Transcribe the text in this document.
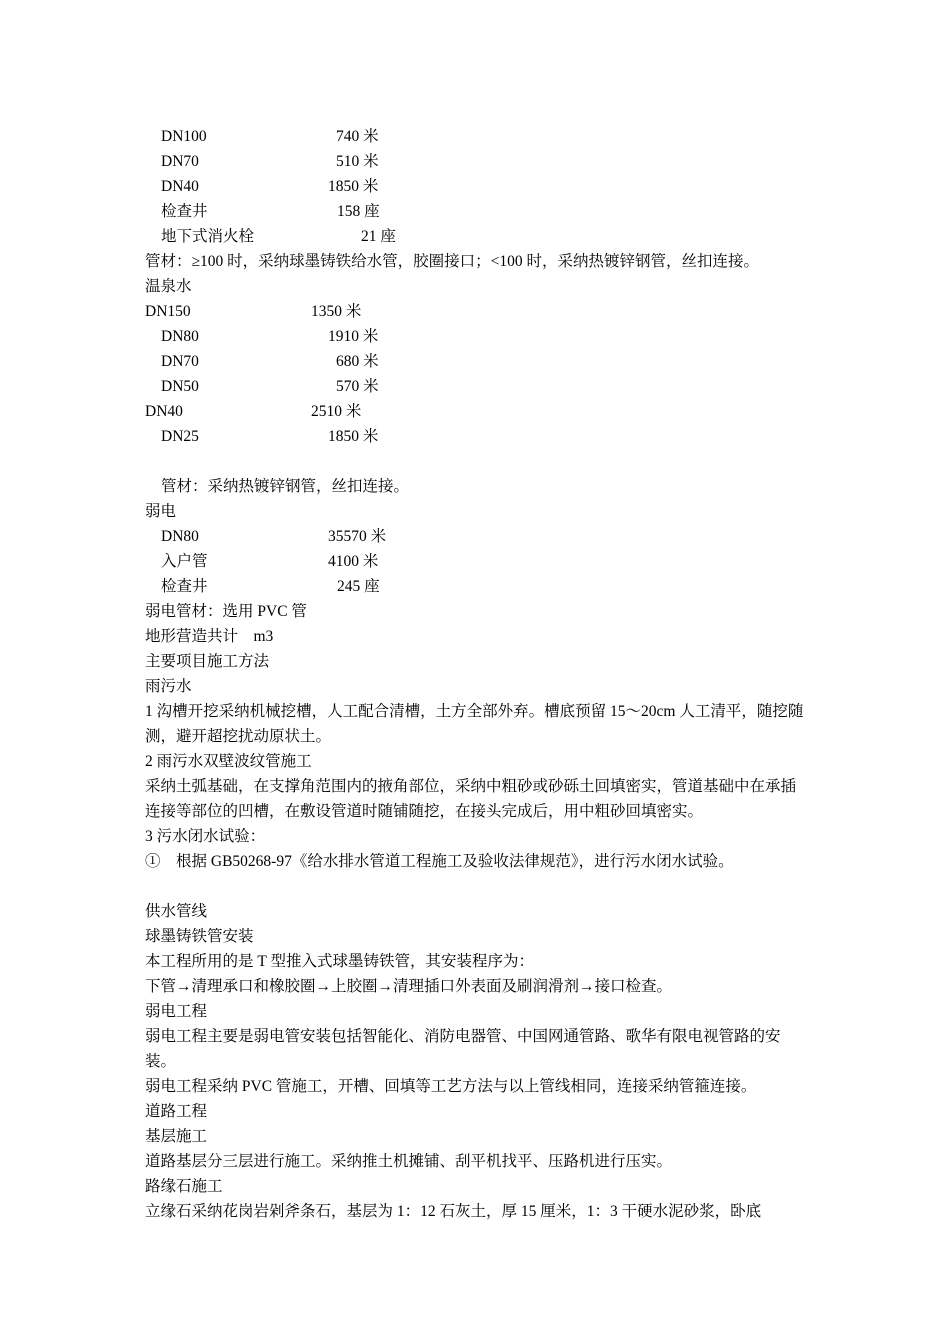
DN100	740 米
DN70	510 米
DN40	1850 米
检查井	158 座
地下式消火栓	21 座
管材：≥100 时，采纳球墨铸铁给水管，胶圈接口；<100 时，采纳热镀锌钢管，丝扣连接。
温泉水
DN150	1350 米
DN80	1910 米
DN70	680 米
DN50	570 米
DN40	2510 米
DN25	1850 米
管材：采纳热镀锌钢管，丝扣连接。
弱电
DN80	35570 米
入户管	4100 米
检查井	245 座
弱电管材：选用 PVC 管
地形营造共计    m3
主要项目施工方法
雨污水
1 沟槽开挖采纳机械挖槽，人工配合清槽，土方全部外弃。槽底预留 15～20cm 人工清平，随挖随测，避开超挖扰动原状土。
2 雨污水双壁波纹管施工
采纳土弧基础，在支撑角范围内的掖角部位，采纳中粗砂或砂砾土回填密实，管道基础中在承插连接等部位的凹槽，在敷设管道时随铺随挖，在接头完成后，用中粗砂回填密实。
3 污水闭水试验：
①　根据 GB50268-97《给水排水管道工程施工及验收法律规范》，进行污水闭水试验。
供水管线
球墨铸铁管安装
本工程所用的是 T 型推入式球墨铸铁管，其安装程序为：
下管→清理承口和橡胶圈→上胶圈→清理插口外表面及刷润滑剂→接口检查。
弱电工程
弱电工程主要是弱电管安装包括智能化、消防电器管、中国网通管路、歌华有限电视管路的安装。
弱电工程采纳 PVC 管施工，开槽、回填等工艺方法与以上管线相同，连接采纳管箍连接。
道路工程
基层施工
道路基层分三层进行施工。采纳推土机摊铺、刮平机找平、压路机进行压实。
路缘石施工
立缘石采纳花岗岩剁斧条石，基层为 1：12 石灰土，厚 15 厘米，1：3 干硬水泥砂浆，卧底
